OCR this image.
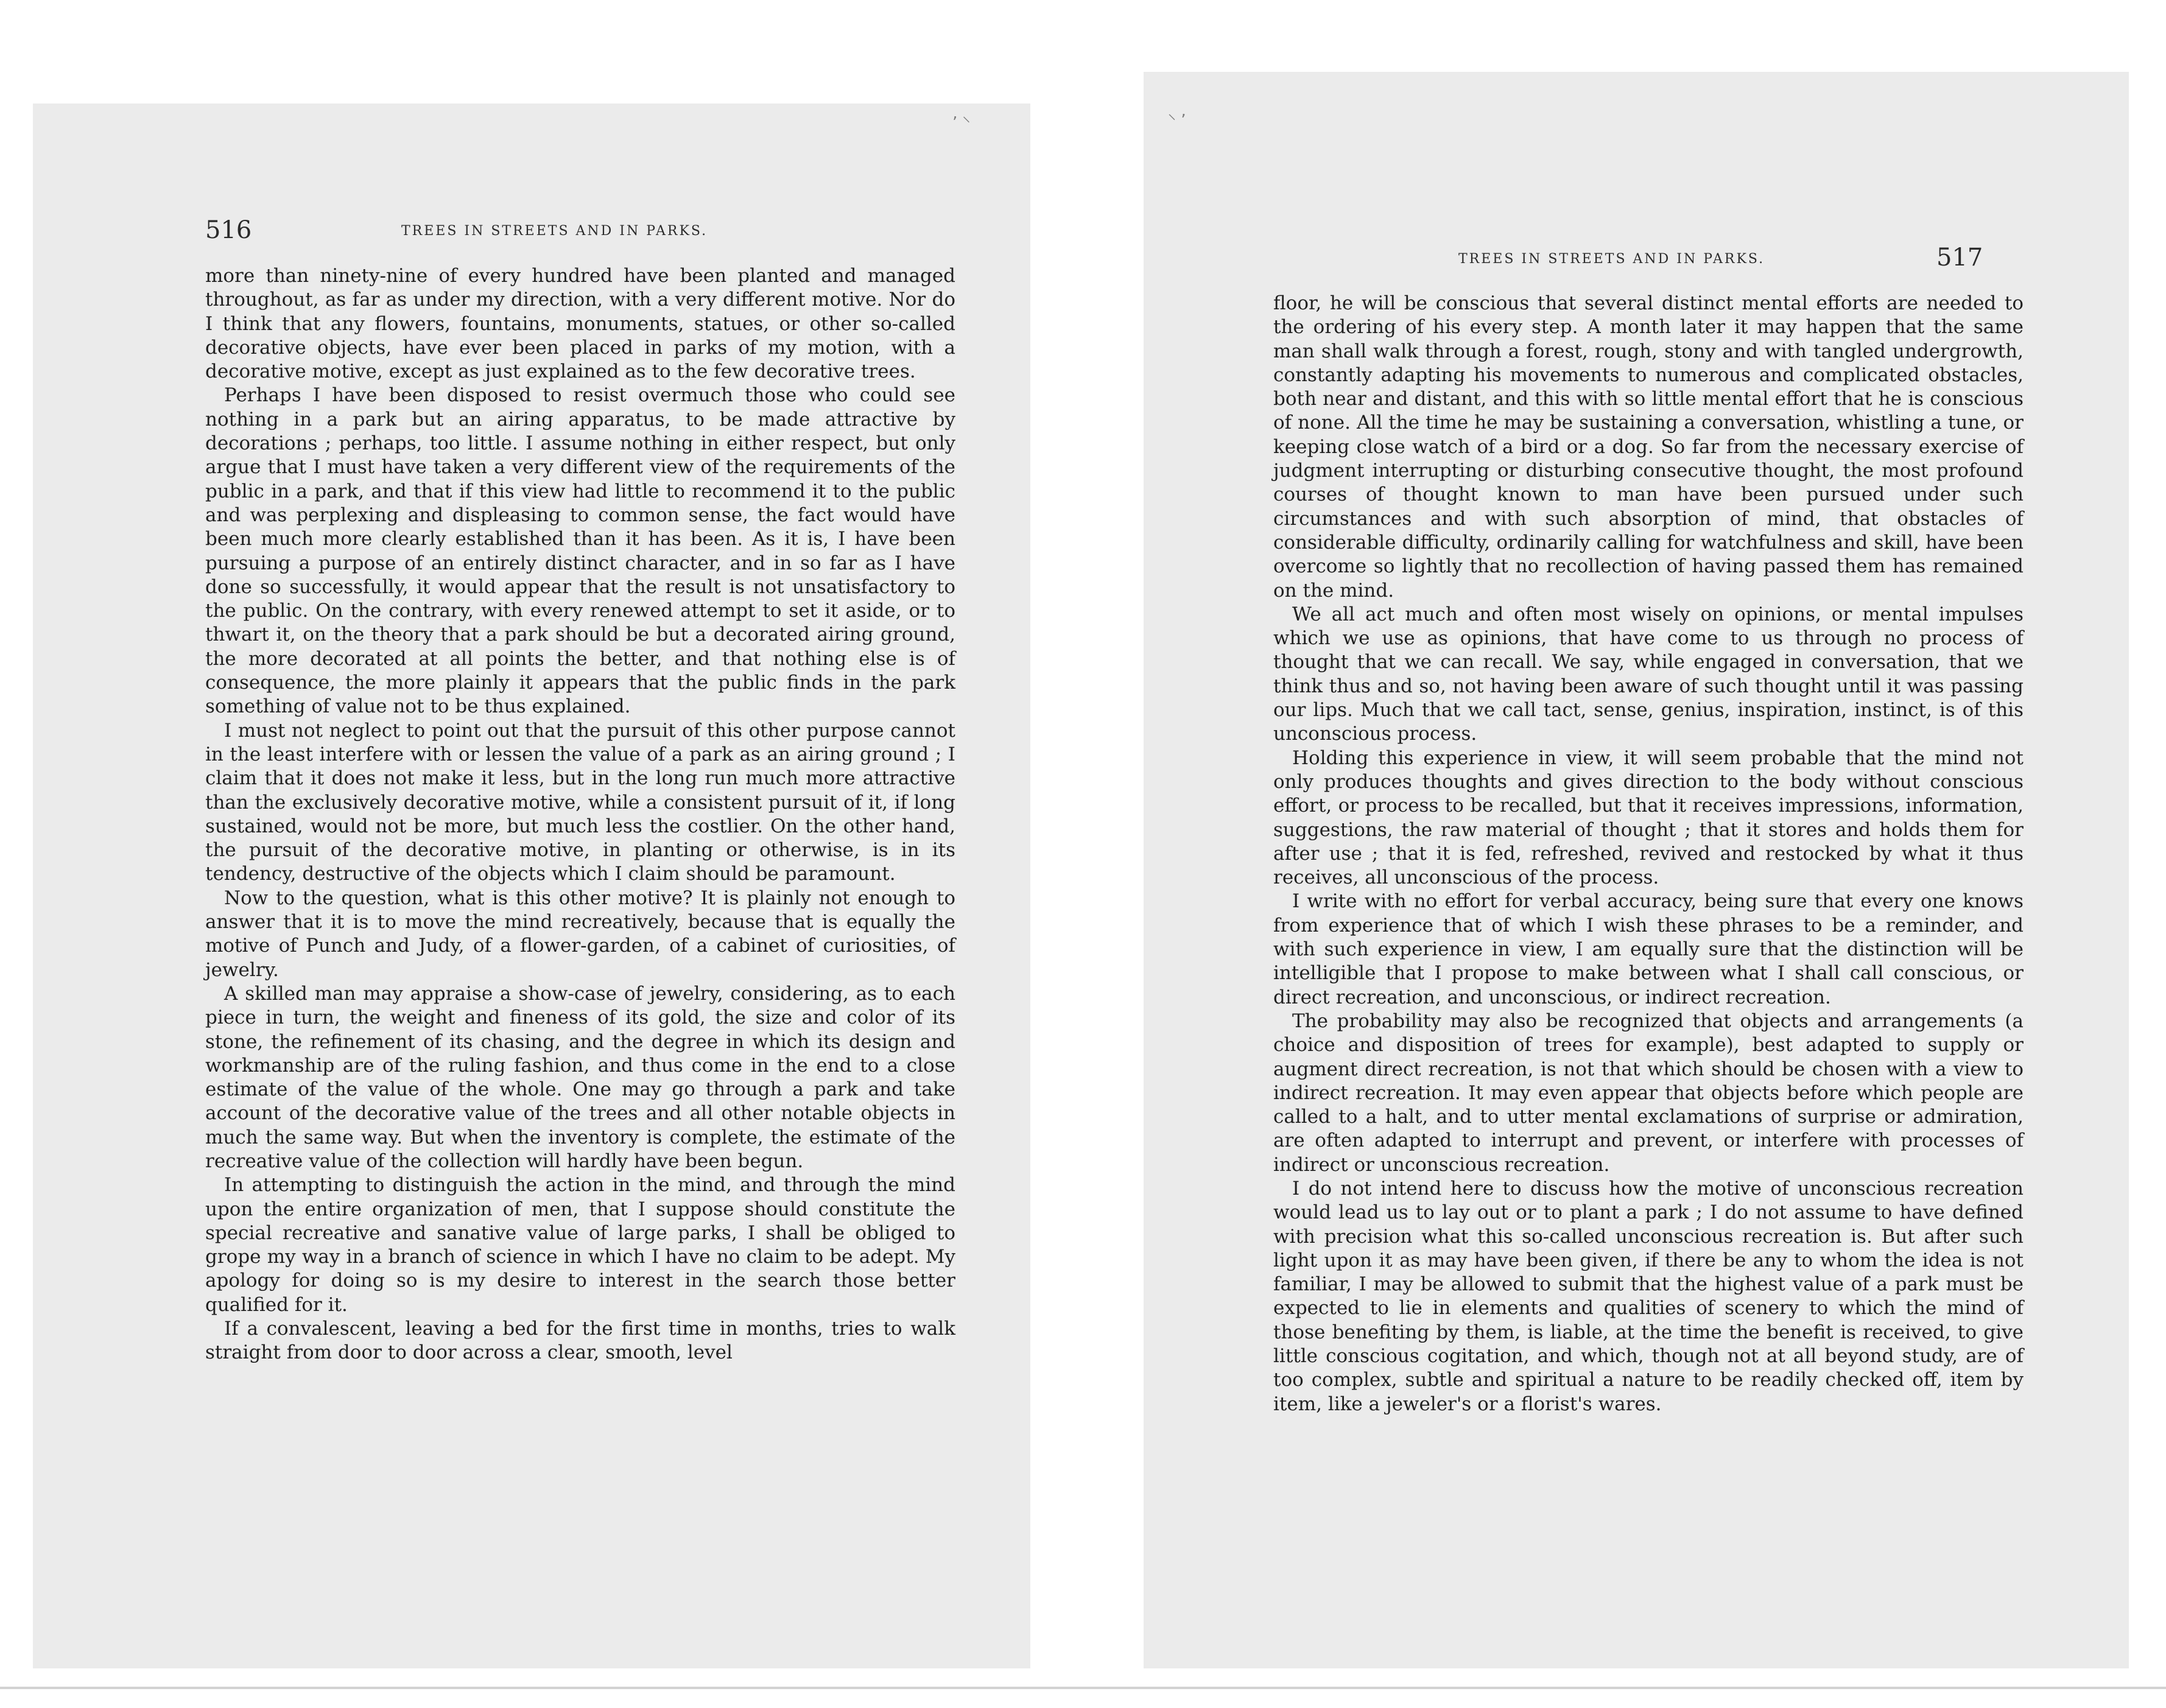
٬ ⸌
516	TREES IN STREETS AND IN PARKS.

more than ninety-nine of every hundred have been planted and managed throughout, as far as under my direction, with a very different motive. Nor do I think that any flowers, fountains, monuments, statues, or other so-called decorative objects, have ever been placed in parks of my motion, with a decorative motive, except as just explained as to the few decorative trees.

Perhaps I have been disposed to resist overmuch those who could see nothing in a park but an airing apparatus, to be made attractive by decorations ; perhaps, too little. I assume nothing in either respect, but only argue that I must have taken a very different view of the requirements of the public in a park, and that if this view had little to recommend it to the public and was perplexing and displeasing to common sense, the fact would have been much more clearly established than it has been. As it is, I have been pursuing a purpose of an entirely distinct character, and in so far as I have done so successfully, it would appear that the result is not unsatisfactory to the public. On the contrary, with every renewed attempt to set it aside, or to thwart it, on the theory that a park should be but a decorated airing ground, the more decorated at all points the better, and that nothing else is of consequence, the more plainly it appears that the public finds in the park something of value not to be thus explained.

I must not neglect to point out that the pursuit of this other purpose cannot in the least interfere with or lessen the value of a park as an airing ground ; I claim that it does not make it less, but in the long run much more attractive than the exclusively decorative motive, while a consistent pursuit of it, if long sustained, would not be more, but much less the costlier. On the other hand, the pursuit of the decorative motive, in planting or otherwise, is in its tendency, destructive of the objects which I claim should be paramount.

Now to the question, what is this other motive? It is plainly not enough to answer that it is to move the mind recreatively, because that is equally the motive of Punch and Judy, of a flower-garden, of a cabinet of curiosities, of jewelry.

A skilled man may appraise a show-case of jewelry, considering, as to each piece in turn, the weight and fineness of its gold, the size and color of its stone, the refinement of its chasing, and the degree in which its design and workmanship are of the ruling fashion, and thus come in the end to a close estimate of the value of the whole. One may go through a park and take account of the decorative value of the trees and all other notable objects in much the same way. But when the inventory is complete, the estimate of the recreative value of the collection will hardly have been begun.

In attempting to distinguish the action in the mind, and through the mind upon the entire organization of men, that I suppose should constitute the special recreative and sanative value of large parks, I shall be obliged to grope my way in a branch of science in which I have no claim to be adept. My apology for doing so is my desire to interest in the search those better qualified for it.

If a convalescent, leaving a bed for the first time in months, tries to walk straight from door to door across a clear, smooth, level

⸌ ٬
TREES IN STREETS AND IN PARKS.	517

floor, he will be conscious that several distinct mental efforts are needed to the ordering of his every step. A month later it may happen that the same man shall walk through a forest, rough, stony and with tangled undergrowth, constantly adapting his movements to numerous and complicated obstacles, both near and distant, and this with so little mental effort that he is conscious of none. All the time he may be sustaining a conversation, whistling a tune, or keeping close watch of a bird or a dog. So far from the necessary exercise of judgment interrupting or disturbing consecutive thought, the most profound courses of thought known to man have been pursued under such circumstances and with such absorption of mind, that obstacles of considerable difficulty, ordinarily calling for watchfulness and skill, have been overcome so lightly that no recollection of having passed them has remained on the mind.

We all act much and often most wisely on opinions, or mental impulses which we use as opinions, that have come to us through no process of thought that we can recall. We say, while engaged in conversation, that we think thus and so, not having been aware of such thought until it was passing our lips. Much that we call tact, sense, genius, inspiration, instinct, is of this unconscious process.

Holding this experience in view, it will seem probable that the mind not only produces thoughts and gives direction to the body without conscious effort, or process to be recalled, but that it receives impressions, information, suggestions, the raw material of thought ; that it stores and holds them for after use ; that it is fed, refreshed, revived and restocked by what it thus receives, all unconscious of the process.

I write with no effort for verbal accuracy, being sure that every one knows from experience that of which I wish these phrases to be a reminder, and with such experience in view, I am equally sure that the distinction will be intelligible that I propose to make between what I shall call conscious, or direct recreation, and unconscious, or indirect recreation.

The probability may also be recognized that objects and arrangements (a choice and disposition of trees for example), best adapted to supply or augment direct recreation, is not that which should be chosen with a view to indirect recreation. It may even appear that objects before which people are called to a halt, and to utter mental exclamations of surprise or admiration, are often adapted to interrupt and prevent, or interfere with processes of indirect or unconscious recreation.

I do not intend here to discuss how the motive of unconscious recreation would lead us to lay out or to plant a park ; I do not assume to have defined with precision what this so-called unconscious recreation is. But after such light upon it as may have been given, if there be any to whom the idea is not familiar, I may be allowed to submit that the highest value of a park must be expected to lie in elements and qualities of scenery to which the mind of those benefiting by them, is liable, at the time the benefit is received, to give little conscious cogitation, and which, though not at all beyond study, are of too complex, subtle and spiritual a nature to be readily checked off, item by item, like a jeweler's or a florist's wares.
